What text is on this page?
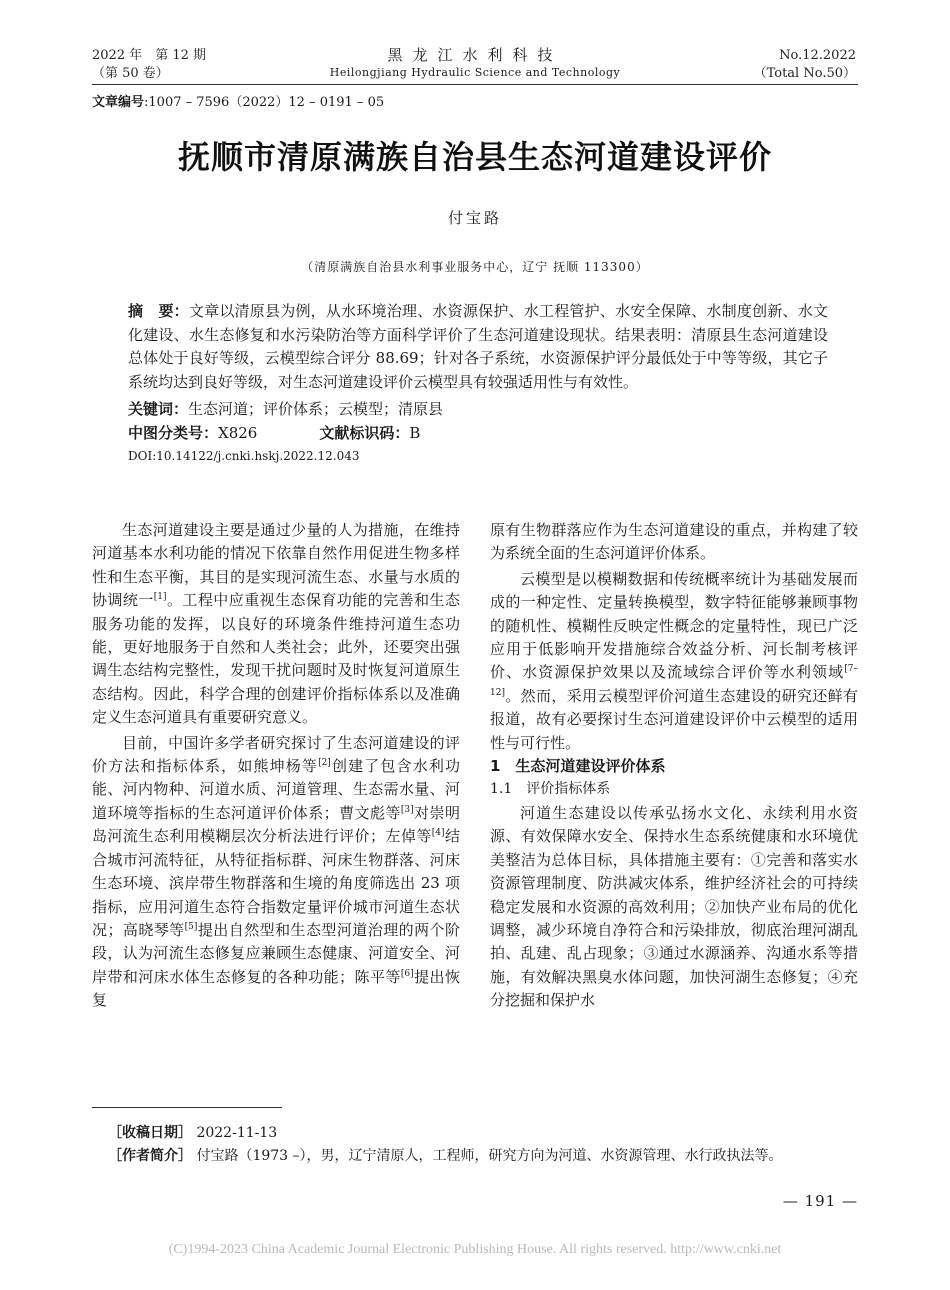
2022 年　第 12 期
（第 50 卷）
黑龙江水利科技
Heilongjiang Hydraulic Science and Technology
No.12.2022
（Total No.50）
文章编号:1007 – 7596（2022）12 – 0191 – 05
抚顺市清原满族自治县生态河道建设评价
付宝路
（清原满族自治县水利事业服务中心，辽宁 抚顺 113300）

摘　要：文章以清原县为例，从水环境治理、水资源保护、水工程管护、水安全保障、水制度创新、水文化建设、水生态修复和水污染防治等方面科学评价了生态河道建设现状。结果表明：清原县生态河道建设总体处于良好等级，云模型综合评分 88.69；针对各子系统，水资源保护评分最低处于中等等级，其它子系统均达到良好等级，对生态河道建设评价云模型具有较强适用性与有效性。

关键词：生态河道；评价体系；云模型；清原县

中图分类号：X826	文献标识码：B

DOI:10.14122/j.cnki.hskj.2022.12.043

生态河道建设主要是通过少量的人为措施，在维持河道基本水利功能的情况下依靠自然作用促进生物多样性和生态平衡，其目的是实现河流生态、水量与水质的协调统一[1]。工程中应重视生态保育功能的完善和生态服务功能的发挥，以良好的环境条件维持河道生态功能，更好地服务于自然和人类社会；此外，还要突出强调生态结构完整性，发现干扰问题时及时恢复河道原生态结构。因此，科学合理的创建评价指标体系以及准确定义生态河道具有重要研究意义。

目前，中国许多学者研究探讨了生态河道建设的评价方法和指标体系，如熊坤杨等[2]创建了包含水利功能、河内物种、河道水质、河道管理、生态需水量、河道环境等指标的生态河道评价体系；曹文彪等[3]对崇明岛河流生态利用模糊层次分析法进行评价；左倬等[4]结合城市河流特征，从特征指标群、河床生物群落、河床生态环境、滨岸带生物群落和生境的角度筛选出 23 项指标，应用河道生态符合指数定量评价城市河道生态状况；高晓琴等[5]提出自然型和生态型河道治理的两个阶段，认为河流生态修复应兼顾生态健康、河道安全、河岸带和河床水体生态修复的各种功能；陈平等[6]提出恢复

原有生物群落应作为生态河道建设的重点，并构建了较为系统全面的生态河道评价体系。

云模型是以模糊数据和传统概率统计为基础发展而成的一种定性、定量转换模型，数字特征能够兼顾事物的随机性、模糊性反映定性概念的定量特性，现已广泛应用于低影响开发措施综合效益分析、河长制考核评价、水资源保护效果以及流域综合评价等水利领域[7–12]。然而，采用云模型评价河道生态建设的研究还鲜有报道，故有必要探讨生态河道建设评价中云模型的适用性与可行性。

1　生态河道建设评价体系

1.1　评价指标体系

河道生态建设以传承弘扬水文化、永续利用水资源、有效保障水安全、保持水生态系统健康和水环境优美整洁为总体目标，具体措施主要有：①完善和落实水资源管理制度、防洪减灾体系，维护经济社会的可持续稳定发展和水资源的高效利用；②加快产业布局的优化调整，减少环境自净符合和污染排放，彻底治理河湖乱拍、乱建、乱占现象；③通过水源涵养、沟通水系等措施，有效解决黑臭水体问题，加快河湖生态修复；④充分挖掘和保护水

［收稿日期］ 2022-11-13
［作者简介］ 付宝路（1973 –），男，辽宁清原人，工程师，研究方向为河道、水资源管理、水行政执法等。
— 191 —
(C)1994-2023 China Academic Journal Electronic Publishing House. All rights reserved. http://www.cnki.net
